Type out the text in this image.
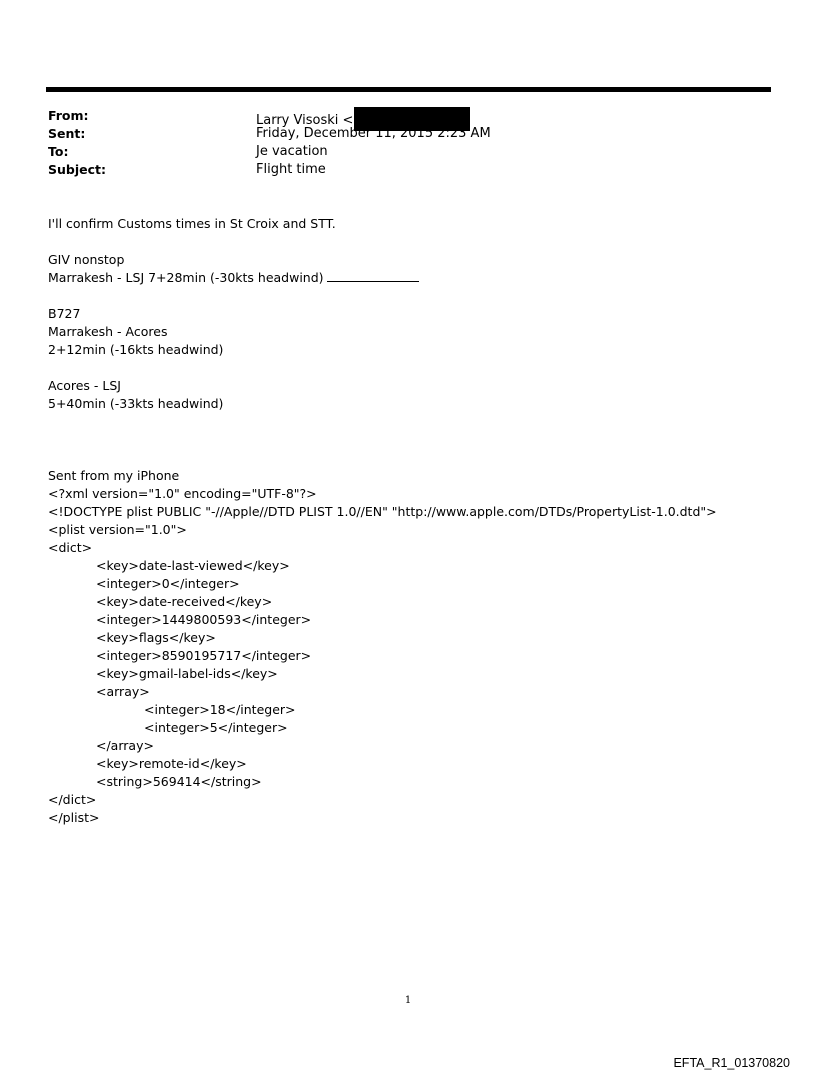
From:	Larry Visoski <
Sent:	Friday, December 11, 2015 2:23 AM
To:	Je vacation
Subject:	Flight time
I'll confirm Customs times in St Croix and STT.
GIV nonstop
Marrakesh - LSJ 7+28min (-30kts headwind)
B727
Marrakesh - Acores
2+12min (-16kts headwind)
Acores - LSJ
5+40min (-33kts headwind)
Sent from my iPhone
<?xml version="1.0" encoding="UTF-8"?>
<!DOCTYPE plist PUBLIC "-//Apple//DTD PLIST 1.0//EN" "http://www.apple.com/DTDs/PropertyList-1.0.dtd">
<plist version="1.0">
<dict>
<key>date-last-viewed</key>
<integer>0</integer>
<key>date-received</key>
<integer>1449800593</integer>
<key>flags</key>
<integer>8590195717</integer>
<key>gmail-label-ids</key>
<array>
<integer>18</integer>
<integer>5</integer>
</array>
<key>remote-id</key>
<string>569414</string>
</dict>
</plist>
1
EFTA_R1_01370820
